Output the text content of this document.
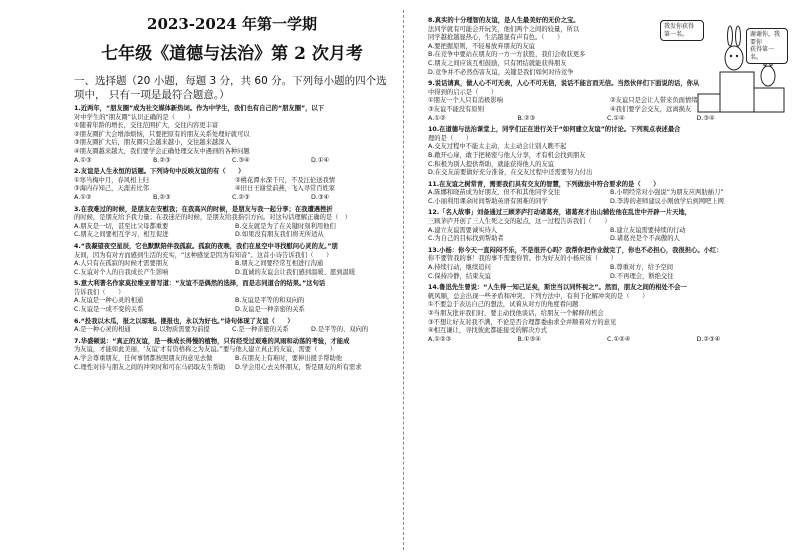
2023-2024 年第一学期
七年级《道德与法治》第 2 次月考
一、选择题（20 小题，每题 3 分，共 60 分。下列每小题的四个选项中， 只有一项是最符合题意。）
1.近两年，“朋友圈”成为社交媒体新热词。作为中学生，我们也有自己的“朋友圈”，以下
对中学生的“朋友圈”认识正确的是（　　）
①随着年龄的增长，交往范围扩大，交往内容更丰富
②朋友圈扩大会增添烦恼，只要把原有的朋友关系处理好就可以
③朋友圈扩大后，朋友圈只会越来越小，交往越来越深入
④朋友圈越来越大，我们要学会正确处理交友中遇到的各种问题
A.①③	B.②③	C.③④	D.①④
2.友谊是人生永恒的话题。下列诗句中反映友谊的有（　　）
①寒当梅中月，春风相上归	②桃花潭水深千尺，不及汪伦送我情
③海内存知己，天涯若比邻	④旧日王谢堂前燕，飞入寻常百姓家
A.①②	B.②③	C.②③	D.③④
3.在我难过的时候，是朋友在安慰我；在我高兴的时候，是朋友与我一起分享；在我遭遇挫折
的时候，是朋友给予我力量；在我迷茫的时候，是朋友给我指引方向。对这句话理解正确的是（　）
A.朋友是一切，甚至比父母都重要	B.交友就是为了在关键时刻利用他们
C.朋友之间要相互学习、相互促进	D.如果没有朋友我们将无所适从
4.“我凝望夜空星辰，它也默默陪伴我孤寂。孤寂的夜晚，我们在星空中寻找慰问心灵的友。”朋
友间，因为有对方而感到生活的充实，“这种感觉是因为有知音”。这首小诗告诉我们（　　）
A.人只有在孤寂的时候才需要朋友	B.朋友之间要经常互相进行沟通
C.友谊对个人的自我成长产生影响	D.直诚的友谊会让我们感到温暖、愿到温暖
5.意大利著名作家莫拉维亚曾写道：“友谊不是偶然的选择，而是志同道合的结果。”这句话
告诉我们（　　）
A.友谊是一种心灵的相通	B.友谊是平等的和双向的
C.友谊是一成不变的关系	D.友谊是一种亲密的关系
6.“投我以木瓜，报之以琼琚。匪报也，永以为好也。”诗句体现了友谊（　　）
A.是一种心灵的相通	B.以物质需要为前提	C.是一种亲密的关系	D.是平等的、双向的
7.华盛顿说：“真正的友谊，是一株成长得慢的植物，只有经受过艰难的风雨和动荡的考验，才能成
为友谊，才能如此美丽，‘友谊’才有资格称之为友谊。”要与他人建立真正的友谊，需要（　　）
A.学会尊重朋友，任何事情都按照朋友的意见去做	B.在朋友上有难时，要伸出援手帮助他
C.理性对待与朋友之间的冲突时和可在马码取友生帮助	D.学会用心去关怀朋友，帮是朋友的所有需求
我发你获得
第一名。	谢谢你，我要你
获得第一名。
8.真实的十分理智的友谊，是人生最美好的无价之宝。
法同学就有可能会开玩笑，他们两个之间的较量，所以
同学越抢越显热心，生活越显有声有色。（　　）
A.要把握原则，不轻易放弃朋友的友谊
B.在竞争中要站在朋友的一方一方获胜，我们会收获更多
C.朋友之间应该互相鼓励，只有团结就能获得朋友
D.竞争并不必然伤害友谊，关键是我们如何对待竞争
9.说话请真，做人心不可无表，人心不可无信，说话不能言而无信。当然伙伴们下面说的话，你从
中得到的启示是（　　）
①朋友一个人只有消极影响	②友谊只是会让人带来负面情绪
③友谊不能没有原则	④我们要学会交友，远离损友
A.①②	B.②③	C.①④	D.③④
10.在道德与法治课堂上，同学们正在进行关于“如何建立友谊”的讨论。下列观点表述最合
理的是（　　）
A.交友过程中不能太主动，太主动会让别人瞧不起
B.敞开心扉，敢于把秘密与他人分享，才有机会找到朋友
C.积极为别人提供帮助，就能获得他人的友谊
D.在交友前要做好充分准备，在交友过程中还需要努力付出
11.在友谊之树常青，需要我们具有交友的智慧，下列做法中符合要求的是（　　）
A.陈娜和晓苗成为好朋友，但不和其他同学交往	B.小明经常对小强说“为朋友应两肋插刀”
C.小丽利用课余时间帮助英语有困难的同学	D.李涛的老师建议小刚放学后到网吧上网
12.「名人故事」刘备通过三顾茅庐打动诸葛亮，诸葛亮才出山辅佐他在乱世中开辟一片天地，
三顾茅庐开创了三人生死之交的起点，这一过程告诉我们（　　）
A.建立友谊需要诚实待人	B.建立友谊需要持续的行动
C.为自己的目标找到帮助者	D.诸葛亮是个不高傲的人
13.小杨：你今天一直闷闷不乐，不是很开心吗？我帮你把作业做完了，你也不必担心，我很担心。小红：
你不要管我的事！我的事不需要你管。作为好友的小杨应该（　　）
A.持续行动，继续追问	B.尊重对方，给予空间
C.保持冷静，结束友谊	D.不再理会，断绝交往
14.鲁迅先生曾说：“人生得一知己足矣，斯世当以同怀视之”。然而，朋友之间的相处不会一
帆风顺，总会出现一些矛盾和冲突。下列方法中，有利于化解冲突的是（　　）
①不要急于表达自己的想法，试着从对方的角度看问题
②当朋友批评我们时，要主动找他谈话，给朋友一个解释的机会
③不想让好友对我不满，不论是否合理都委曲求全并顺着对方的意见
④相互谦让，寻找彼此都能接受的解决方式
A.①②③	B.①③④	C.①②④	D.②③④
